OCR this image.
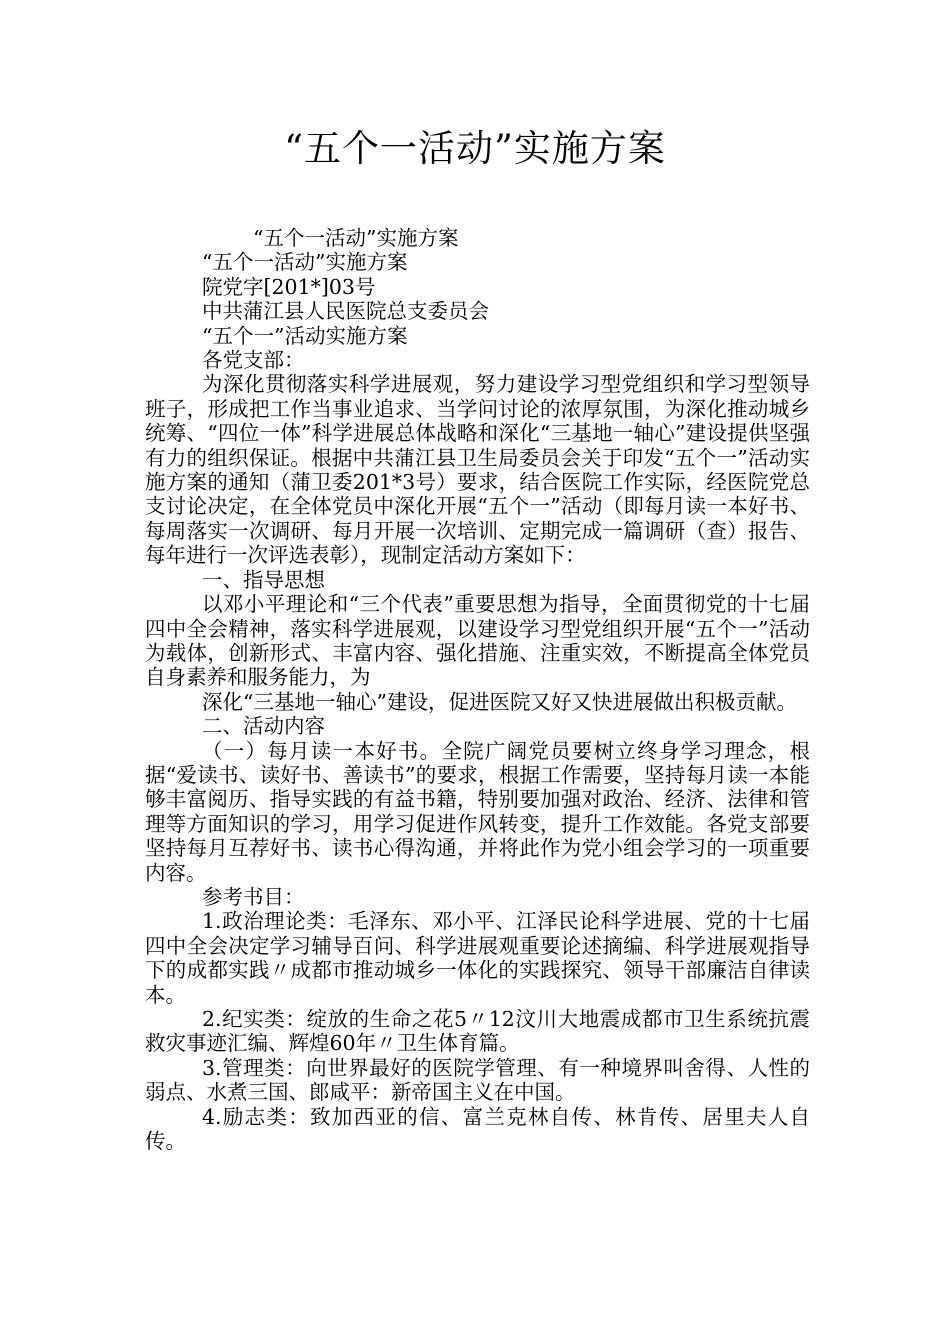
“五个一活动”实施方案

“五个一活动”实施方案

“五个一活动”实施方案

院党字[201*]03号

中共蒲江县人民医院总支委员会

“五个一”活动实施方案

各党支部：

为深化贯彻落实科学进展观，努力建设学习型党组织和学习型领导班子，形成把工作当事业追求、当学问讨论的浓厚氛围，为深化推动城乡统筹、“四位一体”科学进展总体战略和深化“三基地一轴心”建设提供坚强有力的组织保证。根据中共蒲江县卫生局委员会关于印发“五个一”活动实施方案的通知（蒲卫委201*3号）要求，结合医院工作实际，经医院党总支讨论决定，在全体党员中深化开展“五个一”活动（即每月读一本好书、每周落实一次调研、每月开展一次培训、定期完成一篇调研（查）报告、每年进行一次评选表彰），现制定活动方案如下：

一、指导思想

以邓小平理论和“三个代表”重要思想为指导，全面贯彻党的十七届四中全会精神，落实科学进展观，以建设学习型党组织开展“五个一”活动为载体，创新形式、丰富内容、强化措施、注重实效，不断提高全体党员自身素养和服务能力，为

深化“三基地一轴心”建设，促进医院又好又快进展做出积极贡献。

二、活动内容

（一）每月读一本好书。全院广阔党员要树立终身学习理念，根据“爱读书、读好书、善读书”的要求，根据工作需要，坚持每月读一本能够丰富阅历、指导实践的有益书籍，特别要加强对政治、经济、法律和管理等方面知识的学习，用学习促进作风转变，提升工作效能。各党支部要坚持每月互荐好书、读书心得沟通，并将此作为党小组会学习的一项重要内容。

参考书目：

1.政治理论类：毛泽东、邓小平、江泽民论科学进展、党的十七届四中全会决定学习辅导百问、科学进展观重要论述摘编、科学进展观指导下的成都实践〃成都市推动城乡一体化的实践探究、领导干部廉洁自律读本。

2.纪实类：绽放的生命之花5〃12汶川大地震成都市卫生系统抗震救灾事迹汇编、辉煌60年〃卫生体育篇。

3.管理类：向世界最好的医院学管理、有一种境界叫舍得、人性的弱点、水煮三国、郎咸平：新帝国主义在中国。

4.励志类：致加西亚的信、富兰克林自传、林肯传、居里夫人自传。
